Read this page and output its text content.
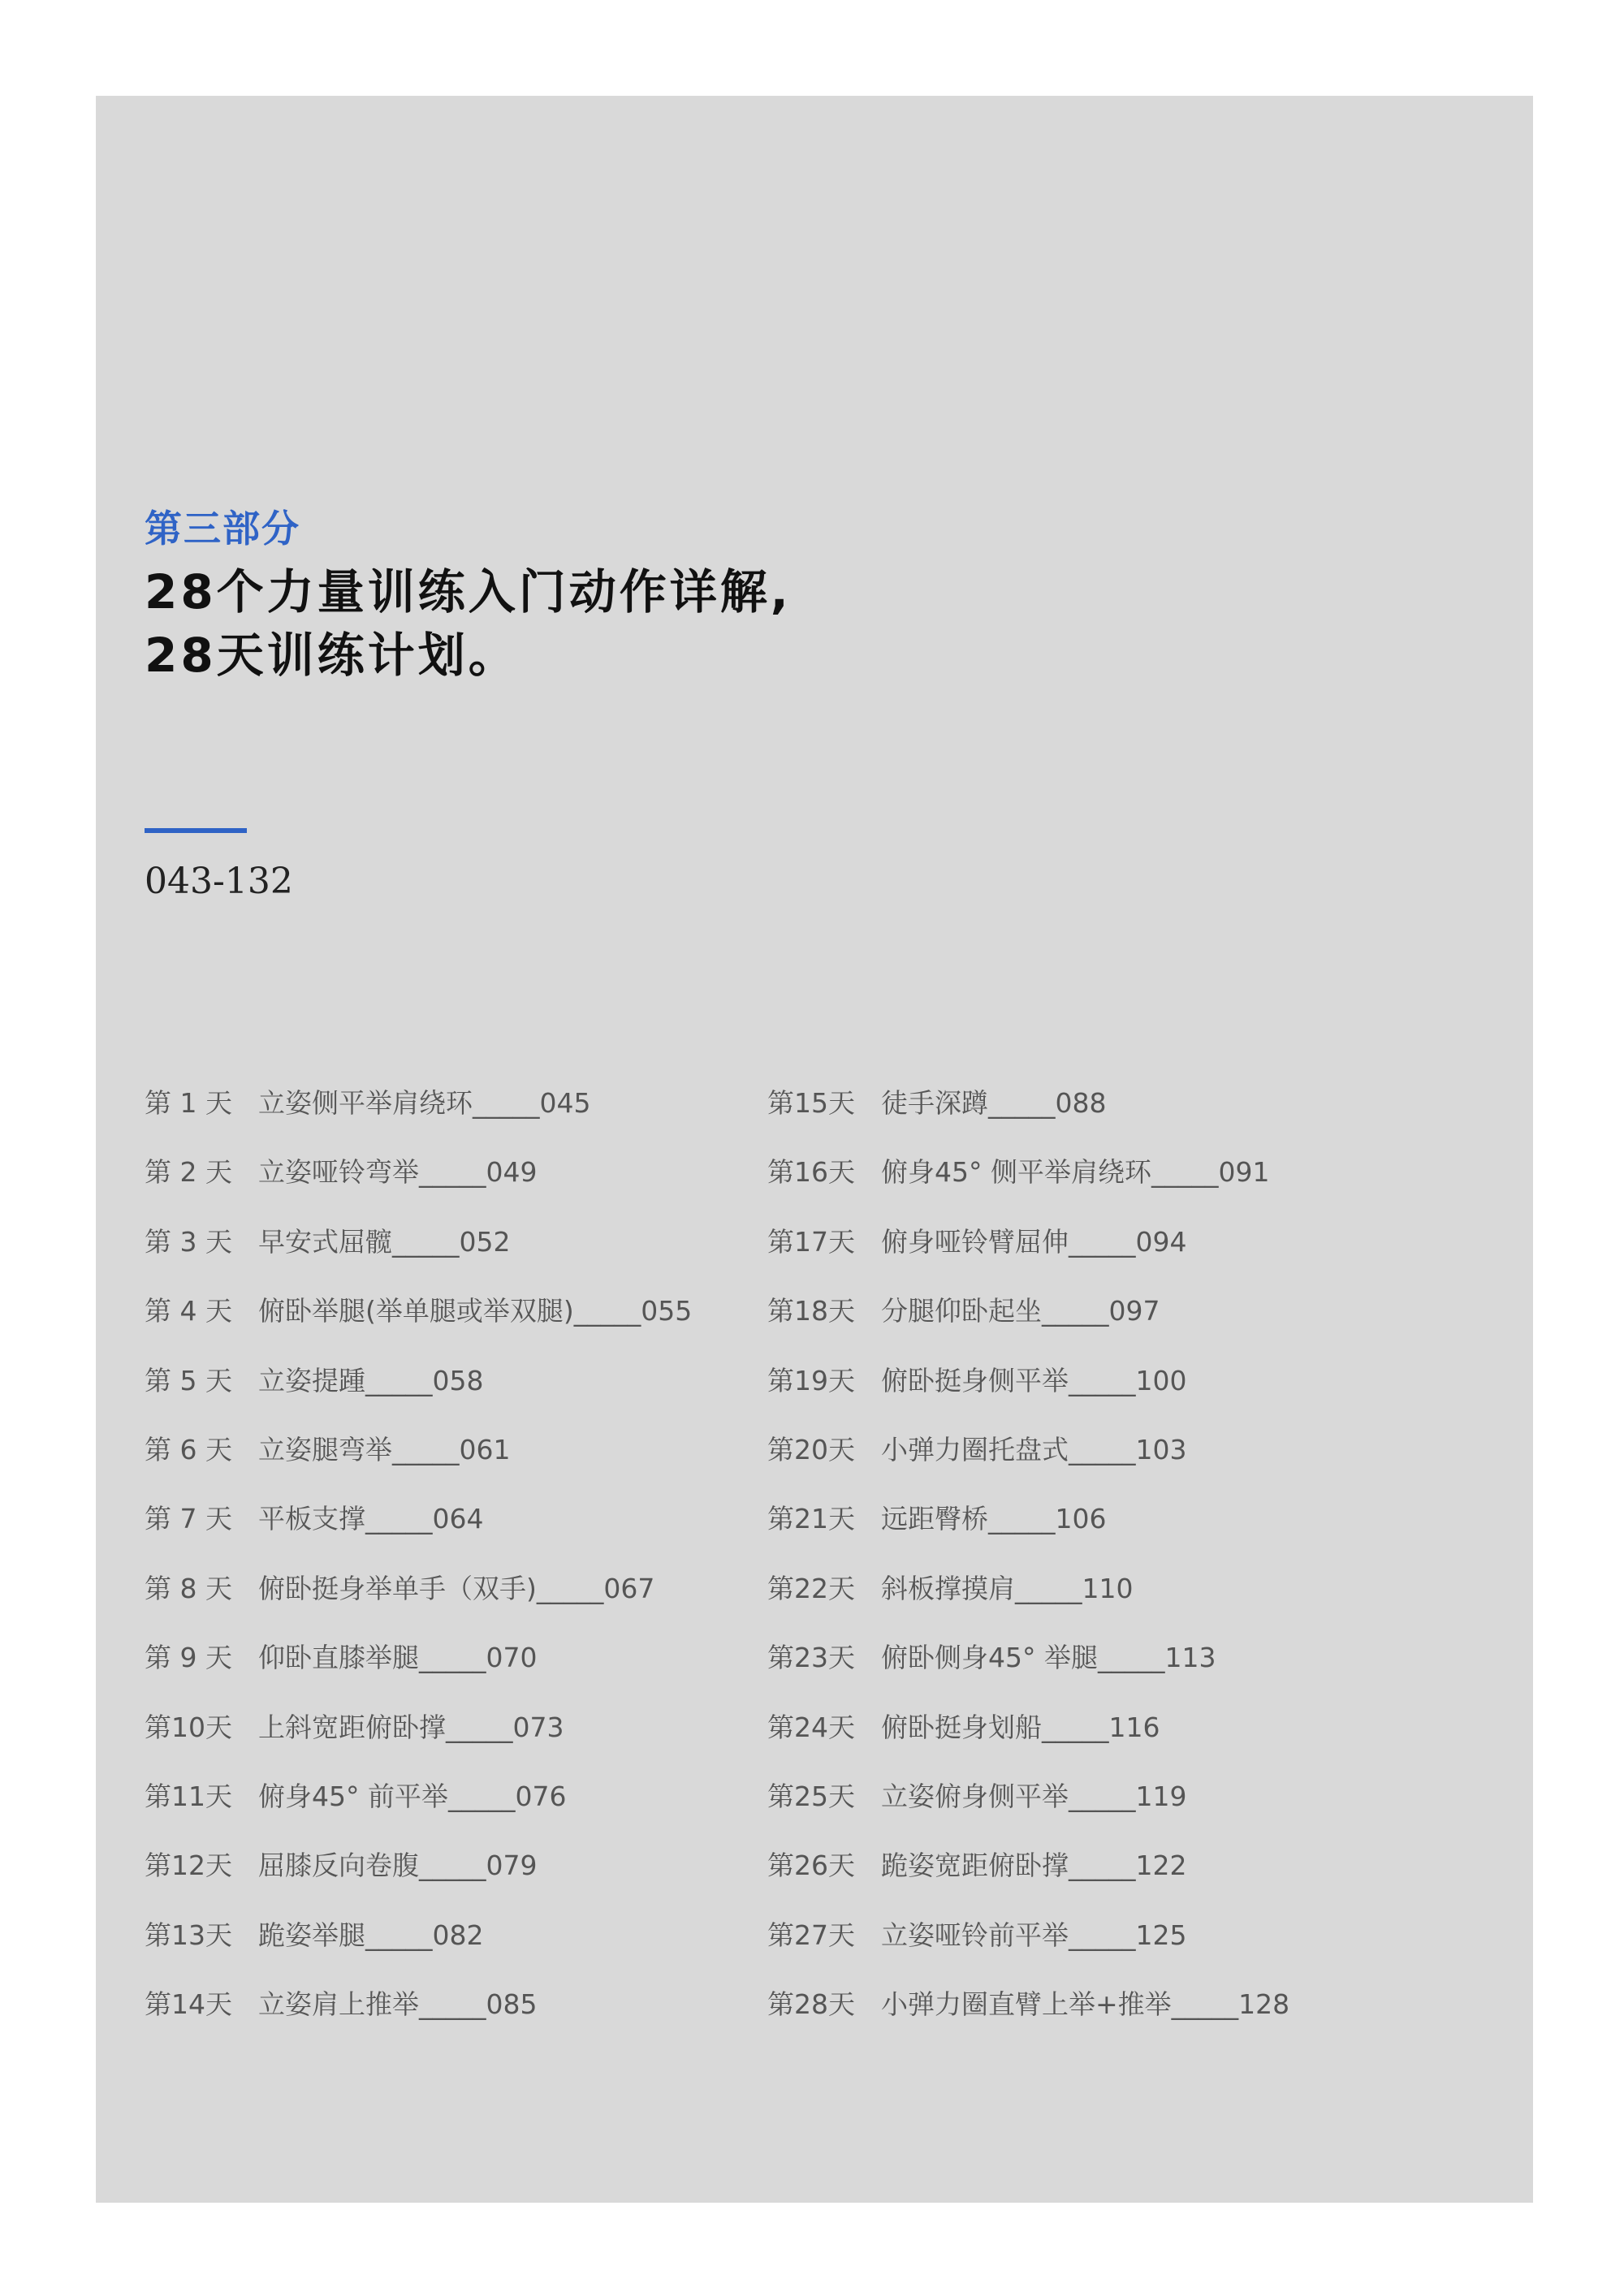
第三部分
28个力量训练入门动作详解,
28天训练计划。
043-132
第 1 天 立姿侧平举肩绕环_____045
第 2 天 立姿哑铃弯举_____049
第 3 天 早安式屈髋_____052
第 4 天 俯卧举腿(举单腿或举双腿)_____055
第 5 天 立姿提踵_____058
第 6 天 立姿腿弯举_____061
第 7 天 平板支撑_____064
第 8 天 俯卧挺身举单手（双手)_____067
第 9 天 仰卧直膝举腿_____070
第10天 上斜宽距俯卧撑_____073
第11天 俯身45° 前平举_____076
第12天 屈膝反向卷腹_____079
第13天 跪姿举腿_____082
第14天 立姿肩上推举_____085
第15天 徒手深蹲_____088
第16天 俯身45° 侧平举肩绕环_____091
第17天 俯身哑铃臂屈伸_____094
第18天 分腿仰卧起坐_____097
第19天 俯卧挺身侧平举_____100
第20天 小弹力圈托盘式_____103
第21天 远距臀桥_____106
第22天 斜板撑摸肩_____110
第23天 俯卧侧身45° 举腿_____113
第24天 俯卧挺身划船_____116
第25天 立姿俯身侧平举_____119
第26天 跪姿宽距俯卧撑_____122
第27天 立姿哑铃前平举_____125
第28天 小弹力圈直臂上举+推举_____128
